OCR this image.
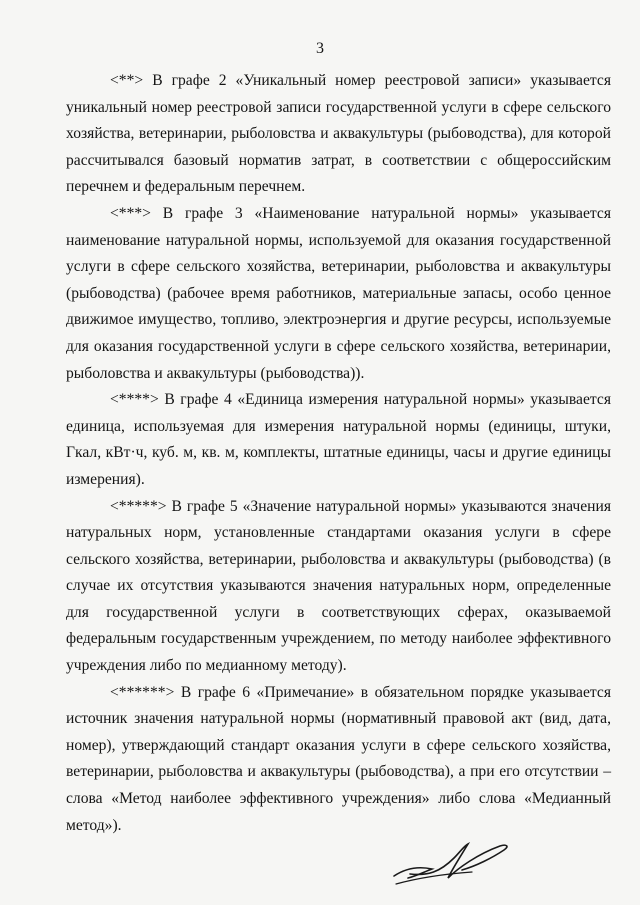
3

<**> В графе 2 «Уникальный номер реестровой записи» указывается уникальный номер реестровой записи государственной услуги в сфере сельского хозяйства, ветеринарии, рыболовства и аквакультуры (рыбоводства), для которой рассчитывался базовый норматив затрат, в соответствии с общероссийским перечнем и федеральным перечнем.

<***> В графе 3 «Наименование натуральной нормы» указывается наименование натуральной нормы, используемой для оказания государственной услуги в сфере сельского хозяйства, ветеринарии, рыболовства и аквакультуры (рыбоводства) (рабочее время работников, материальные запасы, особо ценное движимое имущество, топливо, электроэнергия и другие ресурсы, используемые для оказания государственной услуги в сфере сельского хозяйства, ветеринарии, рыболовства и аквакультуры (рыбоводства)).

<****> В графе 4 «Единица измерения натуральной нормы» указывается единица, используемая для измерения натуральной нормы (единицы, штуки, Гкал, кВт·ч, куб. м, кв. м, комплекты, штатные единицы, часы и другие единицы измерения).

<*****> В графе 5 «Значение натуральной нормы» указываются значения натуральных норм, установленные стандартами оказания услуги в сфере сельского хозяйства, ветеринарии, рыболовства и аквакультуры (рыбоводства) (в случае их отсутствия указываются значения натуральных норм, определенные для государственной услуги в соответствующих сферах, оказываемой федеральным государственным учреждением, по методу наиболее эффективного учреждения либо по медианному методу).

<******> В графе 6 «Примечание» в обязательном порядке указывается источник значения натуральной нормы (нормативный правовой акт (вид, дата, номер), утверждающий стандарт оказания услуги в сфере сельского хозяйства, ветеринарии, рыболовства и аквакультуры (рыбоводства), а при его отсутствии – слова «Метод наиболее эффективного учреждения» либо слова «Медианный метод»).
